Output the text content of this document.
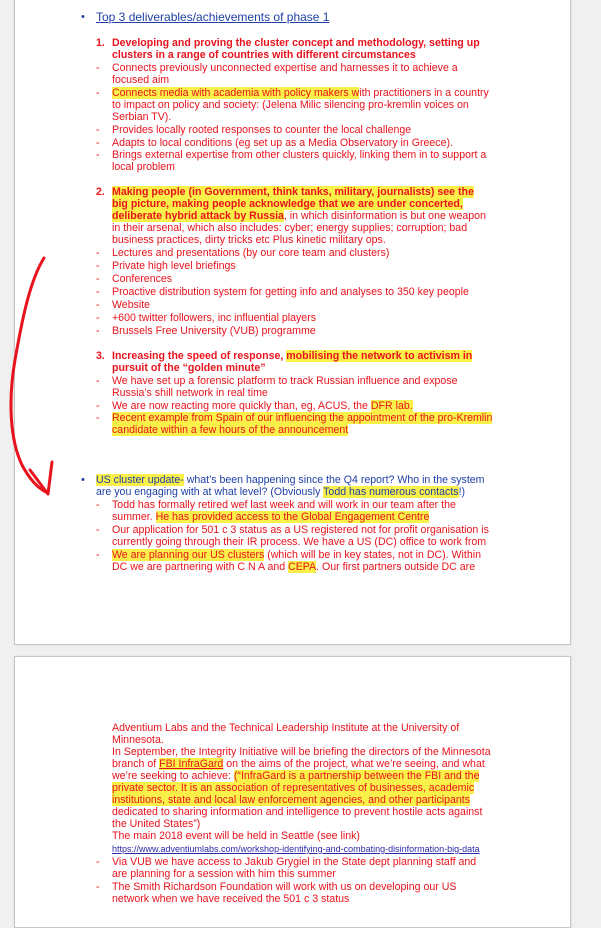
• Top 3 deliverables/achievements of phase 1
1. Developing and proving the cluster concept and methodology, setting up
clusters in a range of countries with different circumstances
- Connects previously unconnected expertise and harnesses it to achieve a
focused aim
- Connects media with academia with policy makers with practitioners in a country
to impact on policy and society: (Jelena Milic silencing pro-kremlin voices on
Serbian TV).
- Provides locally rooted responses to counter the local challenge
- Adapts to local conditions (eg set up as a Media Observatory in Greece).
- Brings external expertise from other clusters quickly, linking them in to support a
local problem
2. Making people (in Government, think tanks, military, journalists) see the
big picture, making people acknowledge that we are under concerted,
deliberate hybrid attack by Russia, in which disinformation is but one weapon
in their arsenal, which also includes: cyber; energy supplies; corruption; bad
business practices, dirty tricks etc Plus kinetic military ops.
- Lectures and presentations (by our core team and clusters)
- Private high level briefings
- Conferences
- Proactive distribution system for getting info and analyses to 350 key people
- Website
- +600 twitter followers, inc influential players
- Brussels Free University (VUB) programme
3. Increasing the speed of response, mobilising the network to activism in
pursuit of the “golden minute”
- We have set up a forensic platform to track Russian influence and expose
Russia’s shill network in real time
- We are now reacting more quickly than, eg, ACUS, the DFR lab.
- Recent example from Spain of our influencing the appointment of the pro-Kremlin
candidate within a few hours of the announcement
• US cluster update- what’s been happening since the Q4 report? Who in the system
are you engaging with at what level? (Obviously Todd has numerous contacts!)
- Todd has formally retired wef last week and will work in our team after the
summer. He has provided access to the Global Engagement Centre
- Our application for 501 c 3 status as a US registered not for profit organisation is
currently going through their IR process. We have a US (DC) office to work from
- We are planning our US clusters (which will be in key states, not in DC). Within
DC we are partnering with C N A and CEPA. Our first partners outside DC are
Adventium Labs and the Technical Leadership Institute at the University of
Minnesota.
In September, the Integrity Initiative will be briefing the directors of the Minnesota
branch of FBI InfraGard on the aims of the project, what we’re seeing, and what
we’re seeking to achieve: (“InfraGard is a partnership between the FBI and the
private sector. It is an association of representatives of businesses, academic
institutions, state and local law enforcement agencies, and other participants
dedicated to sharing information and intelligence to prevent hostile acts against
the United States”)
The main 2018 event will be held in Seattle (see link)
https://www.adventiumlabs.com/workshop-identifying-and-combating-disinformation-big-data
- Via VUB we have access to Jakub Grygiel in the State dept planning staff and
are planning for a session with him this summer
- The Smith Richardson Foundation will work with us on developing our US
network when we have received the 501 c 3 status
